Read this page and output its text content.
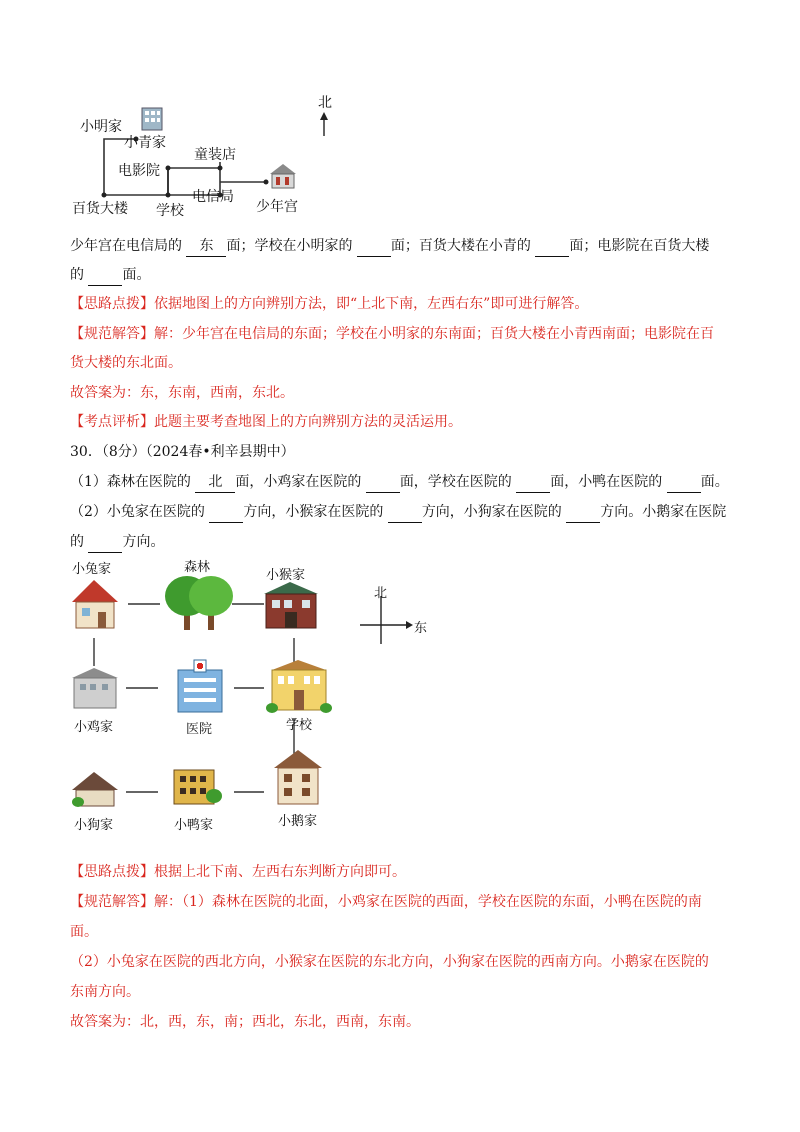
北
小明家
小青家
童装店
电影院
百货大楼 学校
电信局
少年宫
少年宫在电信局的 东 面；学校在小明家的  面；百货大楼在小青的  面；电影院在百货大楼
的  面。
【思路点拨】依据地图上的方向辨别方法，即“上北下南，左西右东”即可进行解答。
【规范解答】解：少年宫在电信局的东面；学校在小明家的东南面；百货大楼在小青西南面；电影院在百
货大楼的东北面。
故答案为：东，东南，西南，东北。
【考点评析】此题主要考查地图上的方向辨别方法的灵活运用。
30．（8分）（2024春•利辛县期中）
（1）森林在医院的 北 面，小鸡家在医院的  面，学校在医院的  面，小鸭在医院的  面。
（2）小兔家在医院的  方向，小猴家在医院的  方向，小狗家在医院的  方向。小鹅家在医院
的  方向。
小兔家	森林
小猴家
小鸡家	医院	学校
小狗家	小鸭家	小鹅家
北
东
【思路点拨】根据上北下南、左西右东判断方向即可。
【规范解答】解：（1）森林在医院的北面，小鸡家在医院的西面，学校在医院的东面，小鸭在医院的南
面。
（2）小兔家在医院的西北方向，小猴家在医院的东北方向，小狗家在医院的西南方向。小鹅家在医院的
东南方向。
故答案为：北，西，东，南；西北，东北，西南，东南。
